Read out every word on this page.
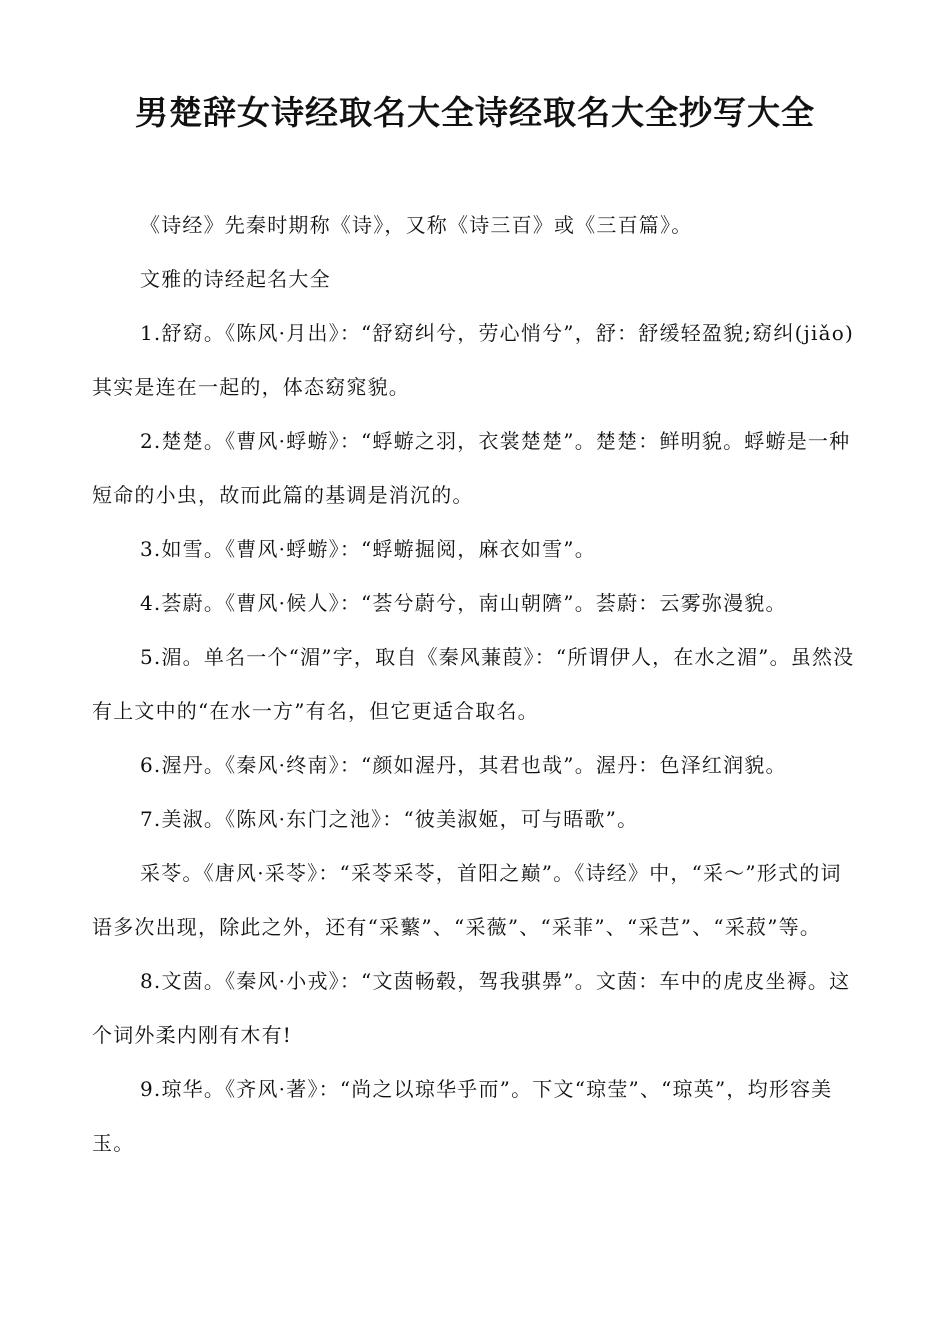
男楚辞女诗经取名大全诗经取名大全抄写大全

《诗经》先秦时期称《诗》，又称《诗三百》或《三百篇》。

文雅的诗经起名大全

1.舒窈。《陈风·月出》：“舒窈纠兮，劳心悄兮”，舒：舒缓轻盈貌;窈纠(jiǎo)其实是连在一起的，体态窈窕貌。

2.楚楚。《曹风·蜉蝣》：“蜉蝣之羽，衣裳楚楚”。楚楚：鲜明貌。蜉蝣是一种短命的小虫，故而此篇的基调是消沉的。

3.如雪。《曹风·蜉蝣》：“蜉蝣掘阅，麻衣如雪”。

4.荟蔚。《曹风·候人》：“荟兮蔚兮，南山朝隮”。荟蔚：云雾弥漫貌。

5.湄。单名一个“湄”字，取自《秦风蒹葭》：“所谓伊人，在水之湄”。虽然没有上文中的“在水一方”有名，但它更适合取名。

6.渥丹。《秦风·终南》：“颜如渥丹，其君也哉”。渥丹：色泽红润貌。

7.美淑。《陈风·东门之池》：“彼美淑姬，可与晤歌”。

采苓。《唐风·采苓》：“采苓采苓，首阳之巅”。《诗经》中，“采～”形式的词语多次出现，除此之外，还有“采蘩”、“采薇”、“采菲”、“采芑”、“采菽”等。

8.文茵。《秦风·小戎》：“文茵畅毂，驾我骐馵”。文茵：车中的虎皮坐褥。这个词外柔内刚有木有!

9.琼华。《齐风·著》：“尚之以琼华乎而”。下文“琼莹”、“琼英”，均形容美玉。
